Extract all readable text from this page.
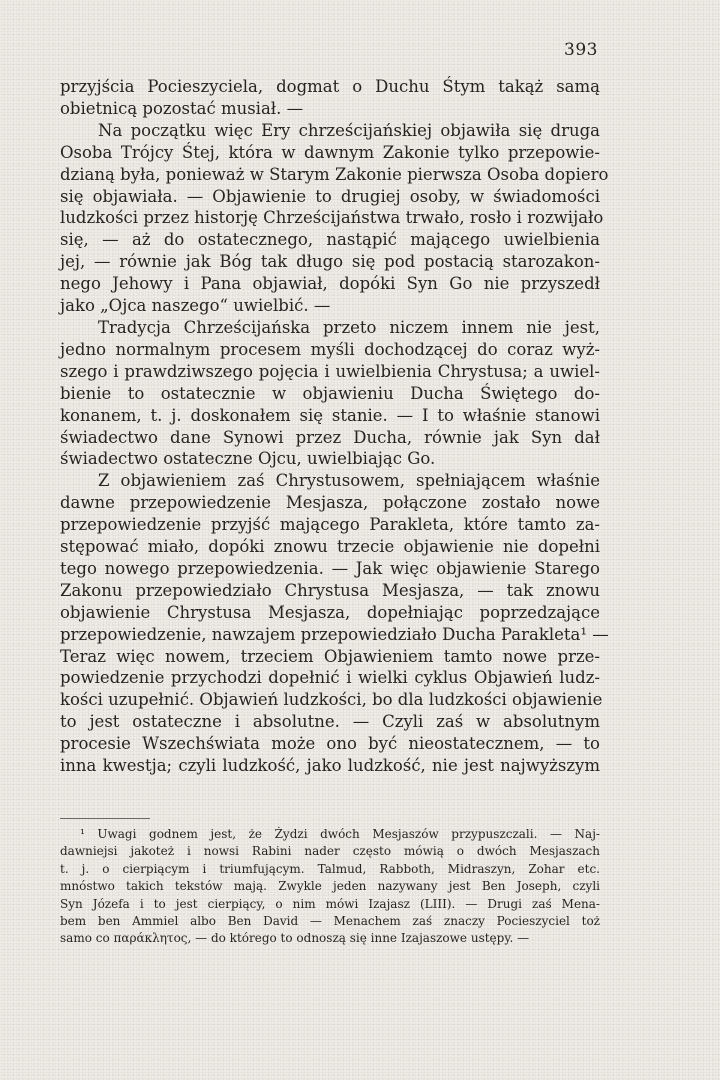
393
przyjścia Pocieszyciela, dogmat o Duchu Śtym takąż samą
obietnicą pozostać musiał. —
Na początku więc Ery chrześcijańskiej objawiła się druga
Osoba Trójcy Śtej, która w dawnym Zakonie tylko przepowie-
dzianą była, ponieważ w Starym Zakonie pierwsza Osoba dopiero
się objawiała. — Objawienie to drugiej osoby, w świadomości
ludzkości przez historję Chrześcijaństwa trwało, rosło i rozwijało
się, — aż do ostatecznego, nastąpić mającego uwielbienia
jej, — równie jak Bóg tak długo się pod postacią starozakon-
nego Jehowy i Pana objawiał, dopóki Syn Go nie przyszedł
jako „Ojca naszego“ uwielbić. —
Tradycja Chrześcijańska przeto niczem innem nie jest,
jedno normalnym procesem myśli dochodzącej do coraz wyż-
szego i prawdziwszego pojęcia i uwielbienia Chrystusa; a uwiel-
bienie to ostatecznie w objawieniu Ducha Świętego do-
konanem, t. j. doskonałem się stanie. — I to właśnie stanowi
świadectwo dane Synowi przez Ducha, równie jak Syn dał
świadectwo ostateczne Ojcu, uwielbiając Go.
Z objawieniem zaś Chrystusowem, spełniającem właśnie
dawne przepowiedzenie Mesjasza, połączone zostało nowe
przepowiedzenie przyjść mającego Parakleta, które tamto za-
stępować miało, dopóki znowu trzecie objawienie nie dopełni
tego nowego przepowiedzenia. — Jak więc objawienie Starego
Zakonu przepowiedziało Chrystusa Mesjasza, — tak znowu
objawienie Chrystusa Mesjasza, dopełniając poprzedzające
przepowiedzenie, nawzajem przepowiedziało Ducha Parakleta¹ —
Teraz więc nowem, trzeciem Objawieniem tamto nowe prze-
powiedzenie przychodzi dopełnić i wielki cyklus Objawień ludz-
kości uzupełnić. Objawień ludzkości, bo dla ludzkości objawienie
to jest ostateczne i absolutne. — Czyli zaś w absolutnym
procesie Wszechświata może ono być nieostatecznem, — to
inna kwestja; czyli ludzkość, jako ludzkość, nie jest najwyższym
¹ Uwagi godnem jest, że Żydzi dwóch Mesjaszów przypuszczali. — Naj-
dawniejsi jakoteż i nowsi Rabini nader często mówią o dwóch Mesjaszach
t. j. o cierpiącym i triumfującym. Talmud, Rabboth, Midraszyn, Zohar etc.
mnóstwo takich tekstów mają. Zwykle jeden nazywany jest Ben Joseph, czyli
Syn Józefa i to jest cierpiący, o nim mówi Izajasz (LIII). — Drugi zaś Mena-
bem ben Ammiel albo Ben David — Menachem zaś znaczy Pocieszyciel toż
samo co παράκλητος, — do którego to odnoszą się inne Izajaszowe ustępy. —
